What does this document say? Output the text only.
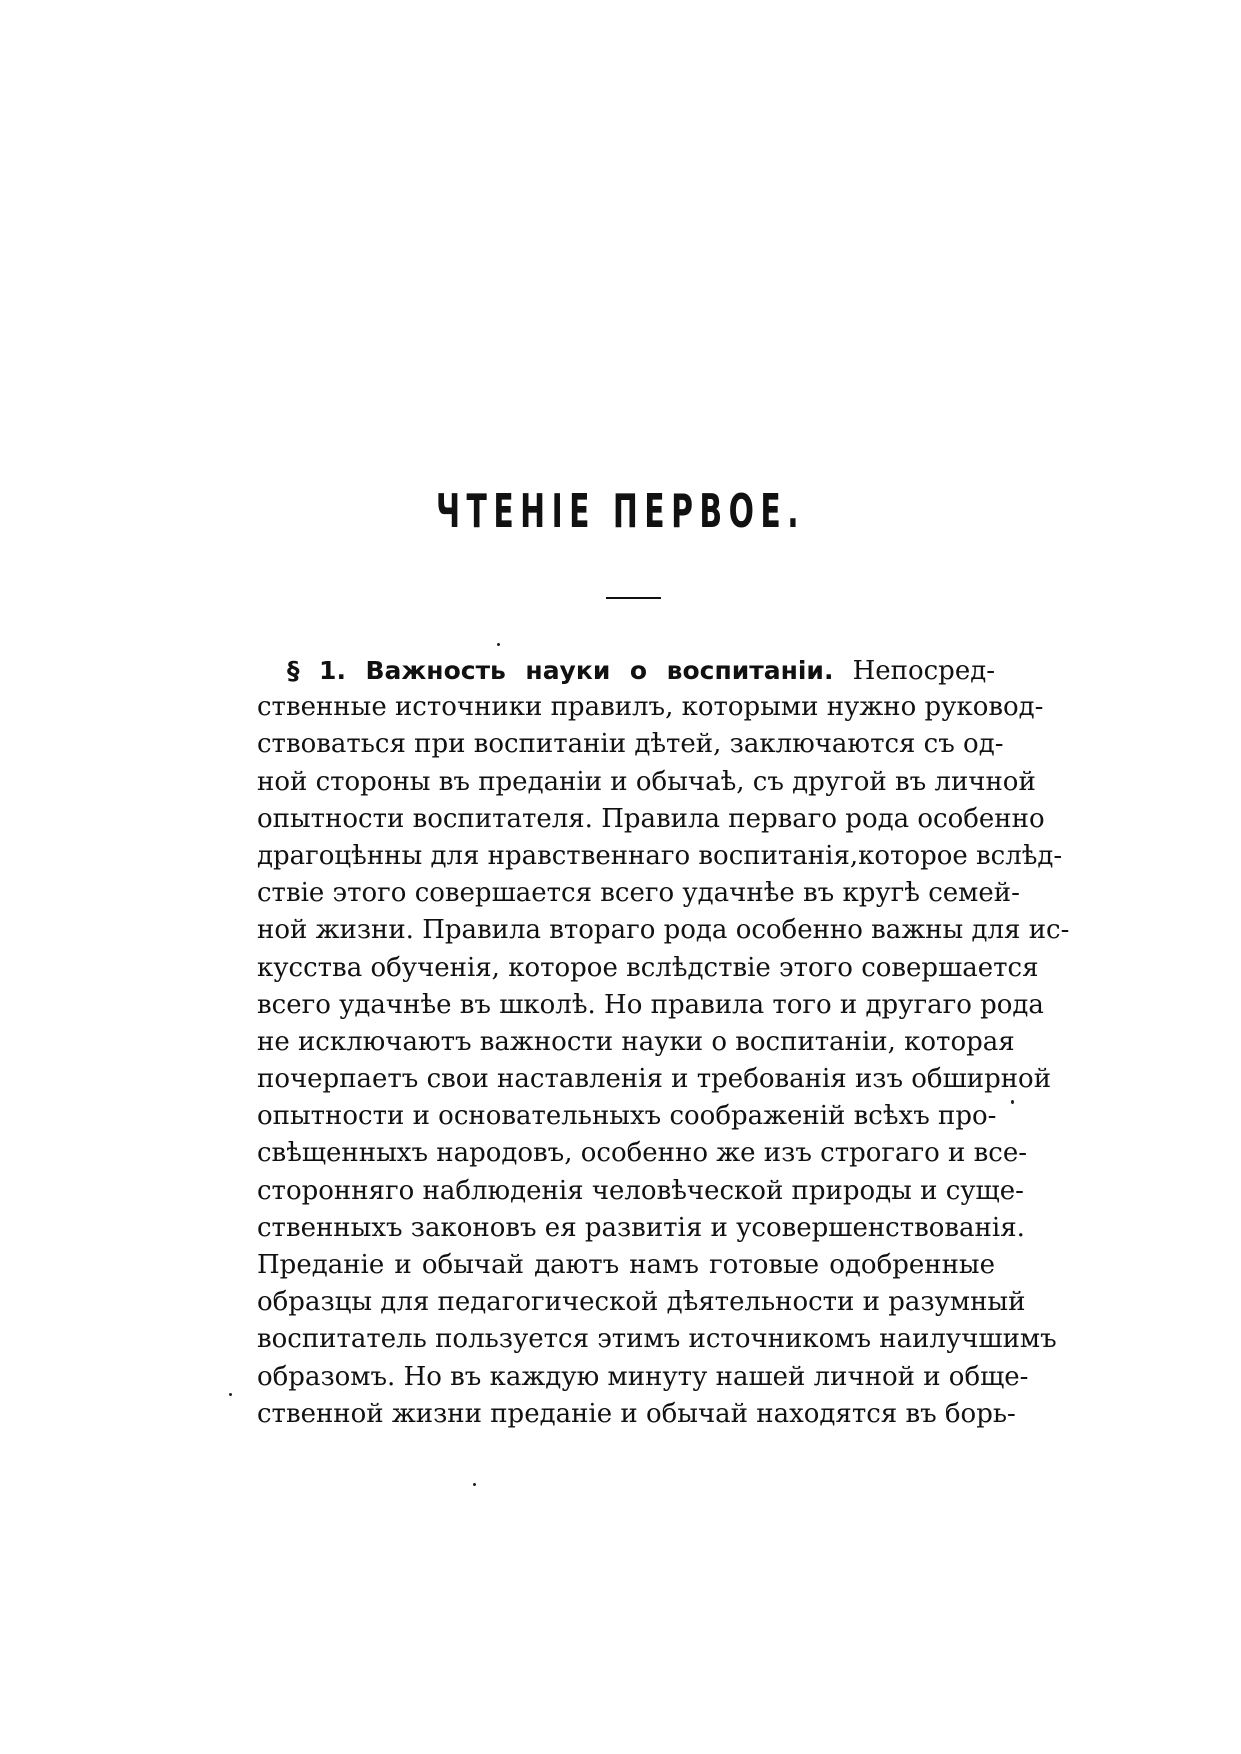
ЧТЕНІЕ ПЕРВОЕ.
§ 1. Важность науки о воспитаніи. Непосред-
ственные источники правилъ, которыми нужно руковод-
ствоваться при воспитаніи дѣтей, заключаются съ од-
ной стороны въ преданіи и обычаѣ, съ другой въ личной
опытности воспитателя. Правила перваго рода особенно
драгоцѣнны для нравственнаго воспитанія,которое вслѣд-
ствіе этого совершается всего удачнѣе въ кругѣ семей-
ной жизни. Правила втораго рода особенно важны для ис-
кусства обученія, которое вслѣдствіе этого совершается
всего удачнѣе въ школѣ. Но правила того и другаго рода
не исключаютъ важности науки о воспитаніи, которая
почерпаетъ свои наставленія и требованія изъ обширной
опытности и основательныхъ соображеній всѣхъ про-
свѣщенныхъ народовъ, особенно же изъ строгаго и все-
сторонняго наблюденія человѣческой природы и суще-
ственныхъ законовъ ея развитія и усовершенствованія.
Преданіе и обычай даютъ намъ готовые одобренные
образцы для педагогической дѣятельности и разумный
воспитатель пользуется этимъ источникомъ наилучшимъ
образомъ. Но въ каждую минуту нашей личной и обще-
ственной жизни преданіе и обычай находятся въ борь-
